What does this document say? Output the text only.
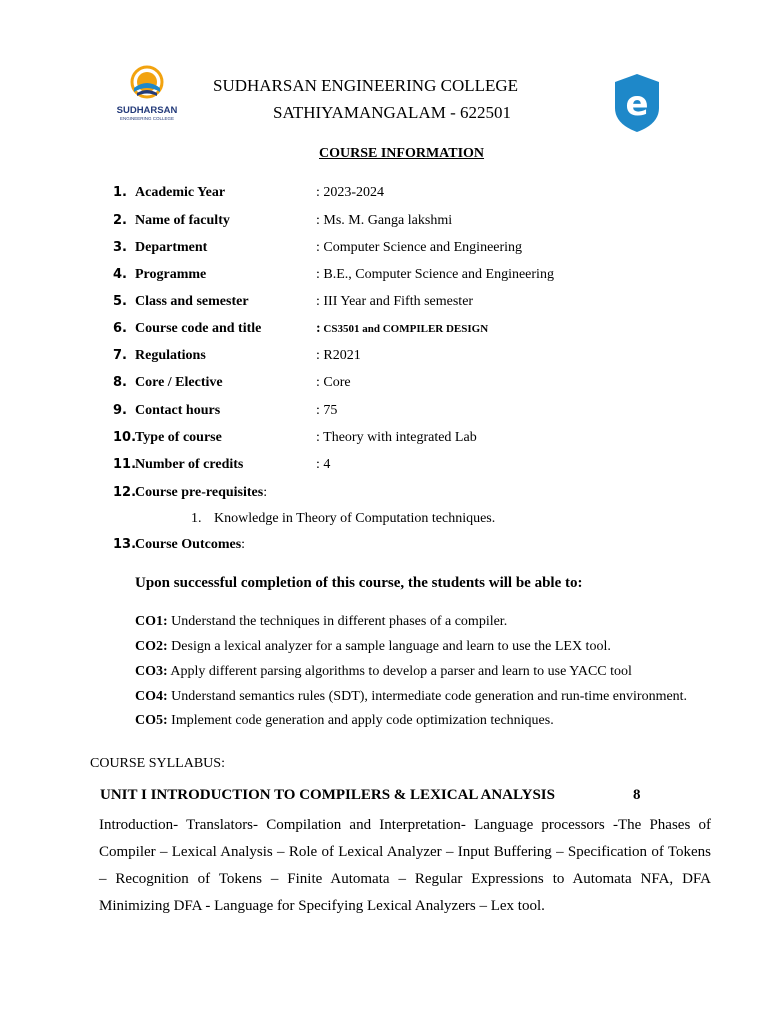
SUDHARSAN
ENGINEERING COLLEGE	e
SUDHARSAN ENGINEERING COLLEGE
SATHIYAMANGALAM - 622501
COURSE INFORMATION
1. Academic Year	: 2023-2024
2. Name of faculty	: Ms. M. Ganga lakshmi
3. Department	: Computer Science and Engineering
4. Programme	: B.E., Computer Science and Engineering
5. Class and semester	: III Year and Fifth semester
6. Course code and title	: CS3501 and COMPILER DESIGN
7. Regulations	: R2021
8. Core / Elective	: Core
9. Contact hours	: 75
10.Type of course	: Theory with integrated Lab
11.Number of credits	: 4
12.Course pre-requisites:
1. Knowledge in Theory of Computation techniques.
13.Course Outcomes:
Upon successful completion of this course, the students will be able to:
CO1: Understand the techniques in different phases of a compiler.
CO2: Design a lexical analyzer for a sample language and learn to use the LEX tool.
CO3: Apply different parsing algorithms to develop a parser and learn to use YACC tool
CO4: Understand semantics rules (SDT), intermediate code generation and run-time environment.
CO5: Implement code generation and apply code optimization techniques.
COURSE SYLLABUS:
UNIT I INTRODUCTION TO COMPILERS & LEXICAL ANALYSIS	8
Introduction- Translators- Compilation and Interpretation- Language processors -The Phases of Compiler – Lexical Analysis – Role of Lexical Analyzer – Input Buffering – Specification of Tokens – Recognition of Tokens – Finite Automata – Regular Expressions to Automata NFA, DFA Minimizing DFA - Language for Specifying Lexical Analyzers – Lex tool.
